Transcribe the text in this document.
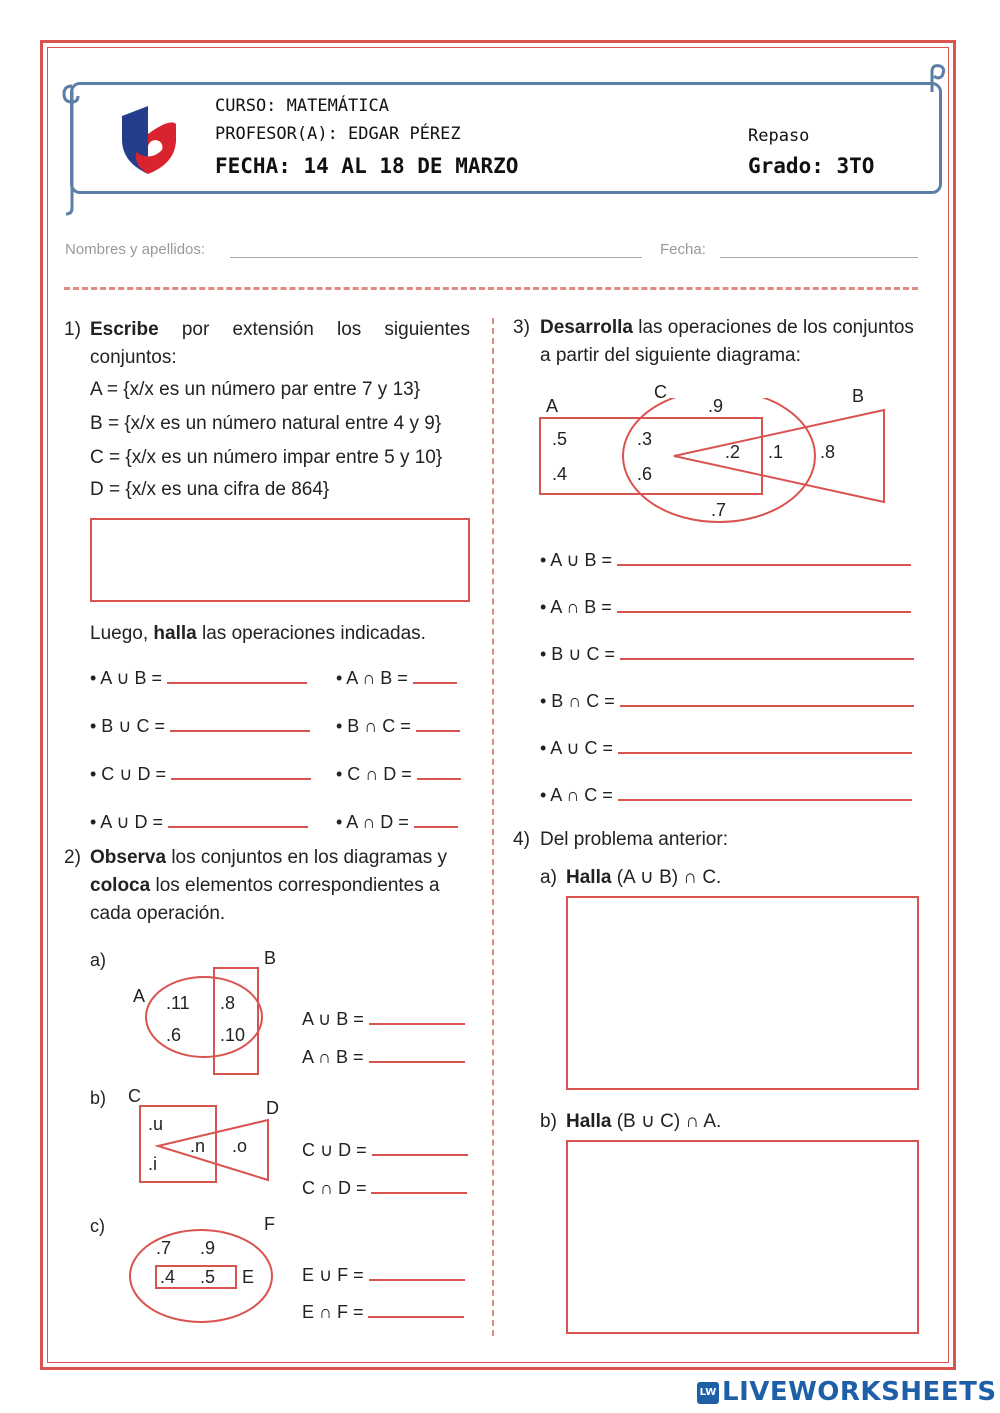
CURSO: MATEMÁTICA
PROFESOR(A): EDGAR PÉREZ
FECHA: 14 AL 18 DE MARZO
Repaso
Grado: 3TO
Nombres y apellidos:	Fecha:
1) Escribe por extensión los siguientes conjuntos:
A = {x/x es un número par entre 7 y 13}
B = {x/x es un número natural entre 4 y 9}
C = {x/x es un número impar entre 5 y 10}
D = {x/x es una cifra de 864}
Luego, halla las operaciones indicadas.
• A ∪ B =	• A ∩ B =
• B ∪ C =	• B ∩ C =
• C ∪ D =	• C ∩ D =
• A ∪ D =	• A ∩ D =
2) Observa los conjuntos en los diagramas y
coloca los elementos correspondientes a
cada operación.
a)
A
B
.11
.6
.8
.10
A ∪ B =
A ∩ B =
b) C
D
.u
.i
.n .o	C ∪ D =
C ∩ D =
c)	F
E
.7 .9
.4 .5	E ∪ F =
E ∩ F =
3) Desarrolla las operaciones de los conjuntos
a partir del siguiente diagrama:
A
C	B
.9
.5	.3
.4	.6
.2 .1 .8
.7
• A ∪ B =
• A ∩ B =
• B ∪ C =
• B ∩ C =
• A ∪ C =
• A ∩ C =
4) Del problema anterior:
a) Halla (A ∪ B) ∩ C.
b) Halla (B ∪ C) ∩ A.
LW LIVEWORKSHEETS
